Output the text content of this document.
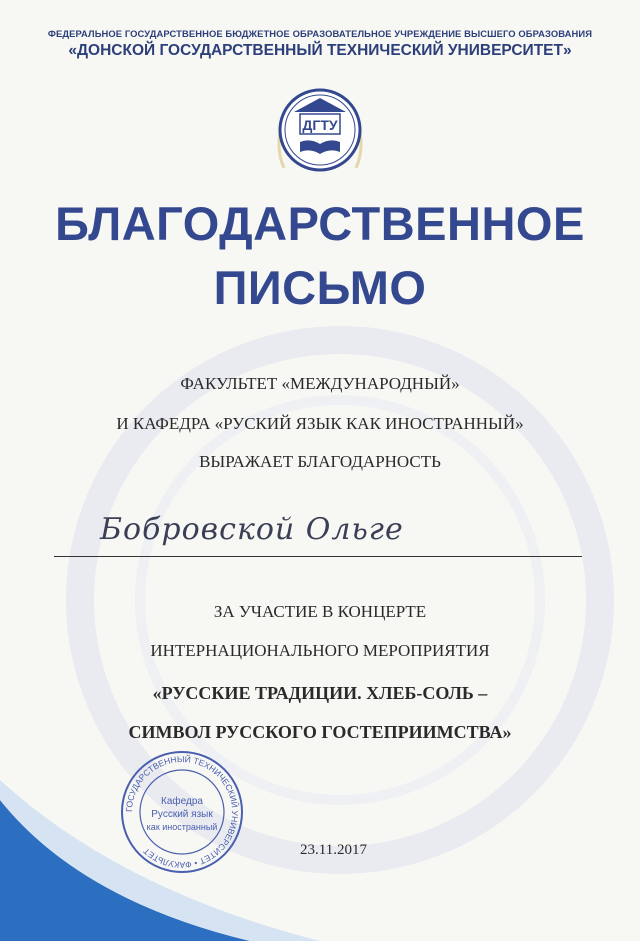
ФЕДЕРАЛЬНОЕ ГОСУДАРСТВЕННОЕ БЮДЖЕТНОЕ ОБРАЗОВАТЕЛЬНОЕ УЧРЕЖДЕНИЕ ВЫСШЕГО ОБРАЗОВАНИЯ
«ДОНСКОЙ ГОСУДАРСТВЕННЫЙ ТЕХНИЧЕСКИЙ УНИВЕРСИТЕТ»
ДГТУ
БЛАГОДАРСТВЕННОЕ
ПИСЬМО
ФАКУЛЬТЕТ «МЕЖДУНАРОДНЫЙ»
И КАФЕДРА «РУСКИЙ ЯЗЫК КАК ИНОСТРАННЫЙ»
ВЫРАЖАЕТ БЛАГОДАРНОСТЬ
Бобровской Ольге
ЗА УЧАСТИЕ В КОНЦЕРТЕ
ИНТЕРНАЦИОНАЛЬНОГО МЕРОПРИЯТИЯ
«РУССКИЕ ТРАДИЦИИ. ХЛЕБ-СОЛЬ –
СИМВОЛ РУССКОГО ГОСТЕПРИИМСТВА»
ГОСУДАРСТВЕННЫЙ ТЕХНИЧЕСКИЙ УНИВЕРСИТЕТ • ФАКУЛЬТЕТ
Кафедра
Русский язык
как иностранный
23.11.2017
